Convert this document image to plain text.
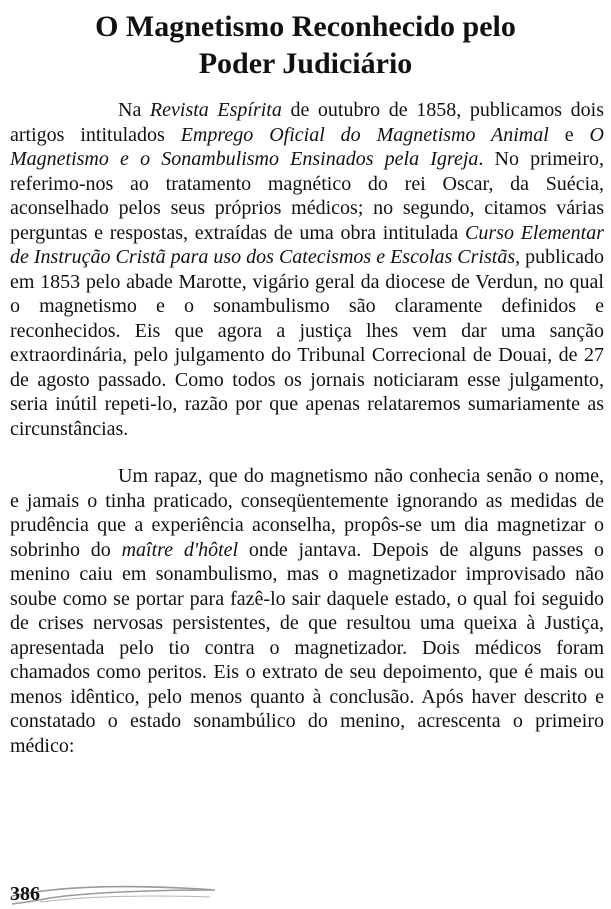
O Magnetismo Reconhecido pelo
Poder Judiciário

Na Revista Espírita de outubro de 1858, publicamos dois artigos intitulados Emprego Oficial do Magnetismo Animal e O Magnetismo e o Sonambulismo Ensinados pela Igreja. No primeiro, referimo-nos ao tratamento magnético do rei Oscar, da Suécia, aconselhado pelos seus próprios médicos; no segundo, citamos várias perguntas e respostas, extraídas de uma obra intitulada Curso Elementar de Instrução Cristã para uso dos Catecismos e Escolas Cristãs, publicado em 1853 pelo abade Marotte, vigário geral da diocese de Verdun, no qual o magnetismo e o sonambulismo são claramente definidos e reconhecidos. Eis que agora a justiça lhes vem dar uma sanção extraordinária, pelo julgamento do Tribunal Correcional de Douai, de 27 de agosto passado. Como todos os jornais noticiaram esse julgamento, seria inútil repeti-lo, razão por que apenas relataremos sumariamente as circunstâncias.

Um rapaz, que do magnetismo não conhecia senão o nome, e jamais o tinha praticado, conseqüentemente ignorando as medidas de prudência que a experiência aconselha, propôs-se um dia magnetizar o sobrinho do maître d'hôtel onde jantava. Depois de alguns passes o menino caiu em sonambulismo, mas o magnetizador improvisado não soube como se portar para fazê-lo sair daquele estado, o qual foi seguido de crises nervosas persistentes, de que resultou uma queixa à Justiça, apresentada pelo tio contra o magnetizador. Dois médicos foram chamados como peritos. Eis o extrato de seu depoimento, que é mais ou menos idêntico, pelo menos quanto à conclusão. Após haver descrito e constatado o estado sonambúlico do menino, acrescenta o primeiro médico:

386
